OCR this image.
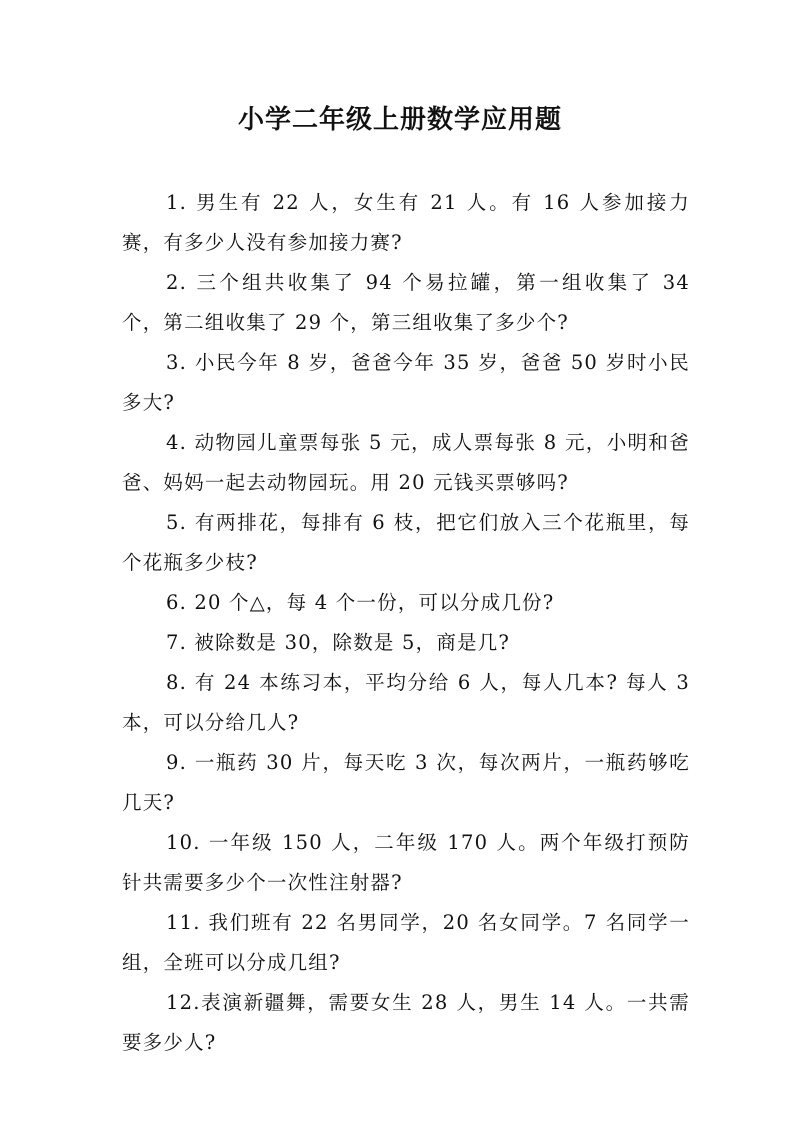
小学二年级上册数学应用题
1. 男生有 22 人，女生有 21 人。有 16 人参加接力赛，有多少人没有参加接力赛?
2. 三个组共收集了 94 个易拉罐，第一组收集了 34 个，第二组收集了 29 个，第三组收集了多少个?
3. 小民今年 8 岁，爸爸今年 35 岁，爸爸 50 岁时小民多大?
4. 动物园儿童票每张 5 元，成人票每张 8 元，小明和爸爸、妈妈一起去动物园玩。用 20 元钱买票够吗?
5. 有两排花，每排有 6 枝，把它们放入三个花瓶里，每个花瓶多少枝?
6. 20 个△，每 4 个一份，可以分成几份?
7. 被除数是 30，除数是 5，商是几?
8. 有 24 本练习本，平均分给 6 人，每人几本? 每人 3 本，可以分给几人?
9. 一瓶药 30 片，每天吃 3 次，每次两片，一瓶药够吃几天?
10. 一年级 150 人，二年级 170 人。两个年级打预防针共需要多少个一次性注射器?
11. 我们班有 22 名男同学，20 名女同学。7 名同学一组，全班可以分成几组?
12.表演新疆舞，需要女生 28 人，男生 14 人。一共需要多少人?
